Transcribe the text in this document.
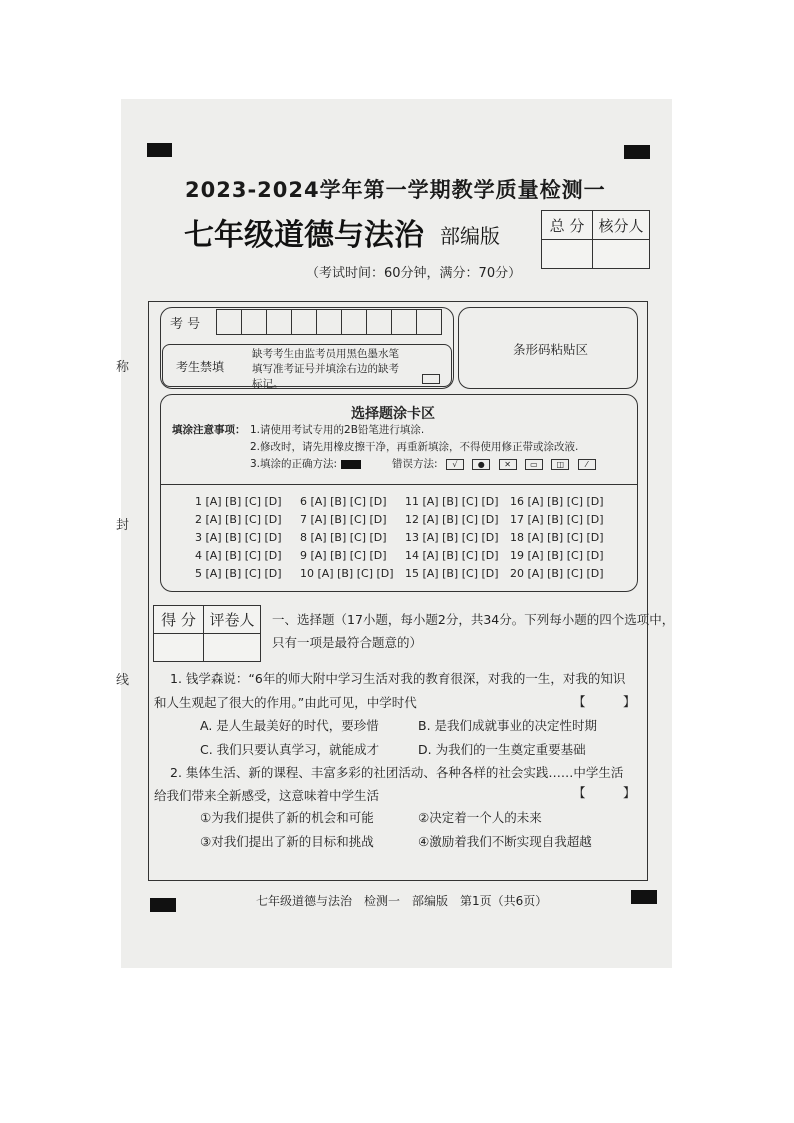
称
封
线
2023-2024学年第一学期教学质量检测一
七年级道德与法治 部编版
（考试时间：60分钟，满分：70分）
总 分	核分人

考 号
考生禁填
缺考考生由监考员用黑色墨水笔填写准考证号并填涂右边的缺考标记。
条形码粘贴区
选择题涂卡区
填涂注意事项： 1.请使用考试专用的2B铅笔进行填涂.
2.修改时，请先用橡皮擦干净，再重新填涂，不得使用修正带或涂改液.
3.填涂的正确方法:	错误方法: √	● ✕ ▭ ◫	⁄
1 [A] [B] [C] [D]	6 [A] [B] [C] [D]	11 [A] [B] [C] [D]	16 [A] [B] [C] [D]
2 [A] [B] [C] [D]	7 [A] [B] [C] [D]	12 [A] [B] [C] [D]	17 [A] [B] [C] [D]
3 [A] [B] [C] [D]	8 [A] [B] [C] [D]	13 [A] [B] [C] [D]	18 [A] [B] [C] [D]
4 [A] [B] [C] [D]	9 [A] [B] [C] [D]	14 [A] [B] [C] [D]	19 [A] [B] [C] [D]
5 [A] [B] [C] [D]	10 [A] [B] [C] [D]	15 [A] [B] [C] [D]	20 [A] [B] [C] [D]
得 分	评卷人
	一、选择题（17小题，每小题2分，共34分。下列每小题的四个选项中，
只有一项是最符合题意的）
1. 钱学森说：“6年的师大附中学习生活对我的教育很深，对我的一生，对我的知识
和人生观起了很大的作用。”由此可见，中学时代	【　　　】
A. 是人生最美好的时代，要珍惜	B. 是我们成就事业的决定性时期
C. 我们只要认真学习，就能成才	D. 为我们的一生奠定重要基础
2. 集体生活、新的课程、丰富多彩的社团活动、各种各样的社会实践……中学生活
给我们带来全新感受，这意味着中学生活	【　　　】
①为我们提供了新的机会和可能	②决定着一个人的未来
③对我们提出了新的目标和挑战	④激励着我们不断实现自我超越
七年级道德与法治　检测一　部编版　第1页（共6页）
